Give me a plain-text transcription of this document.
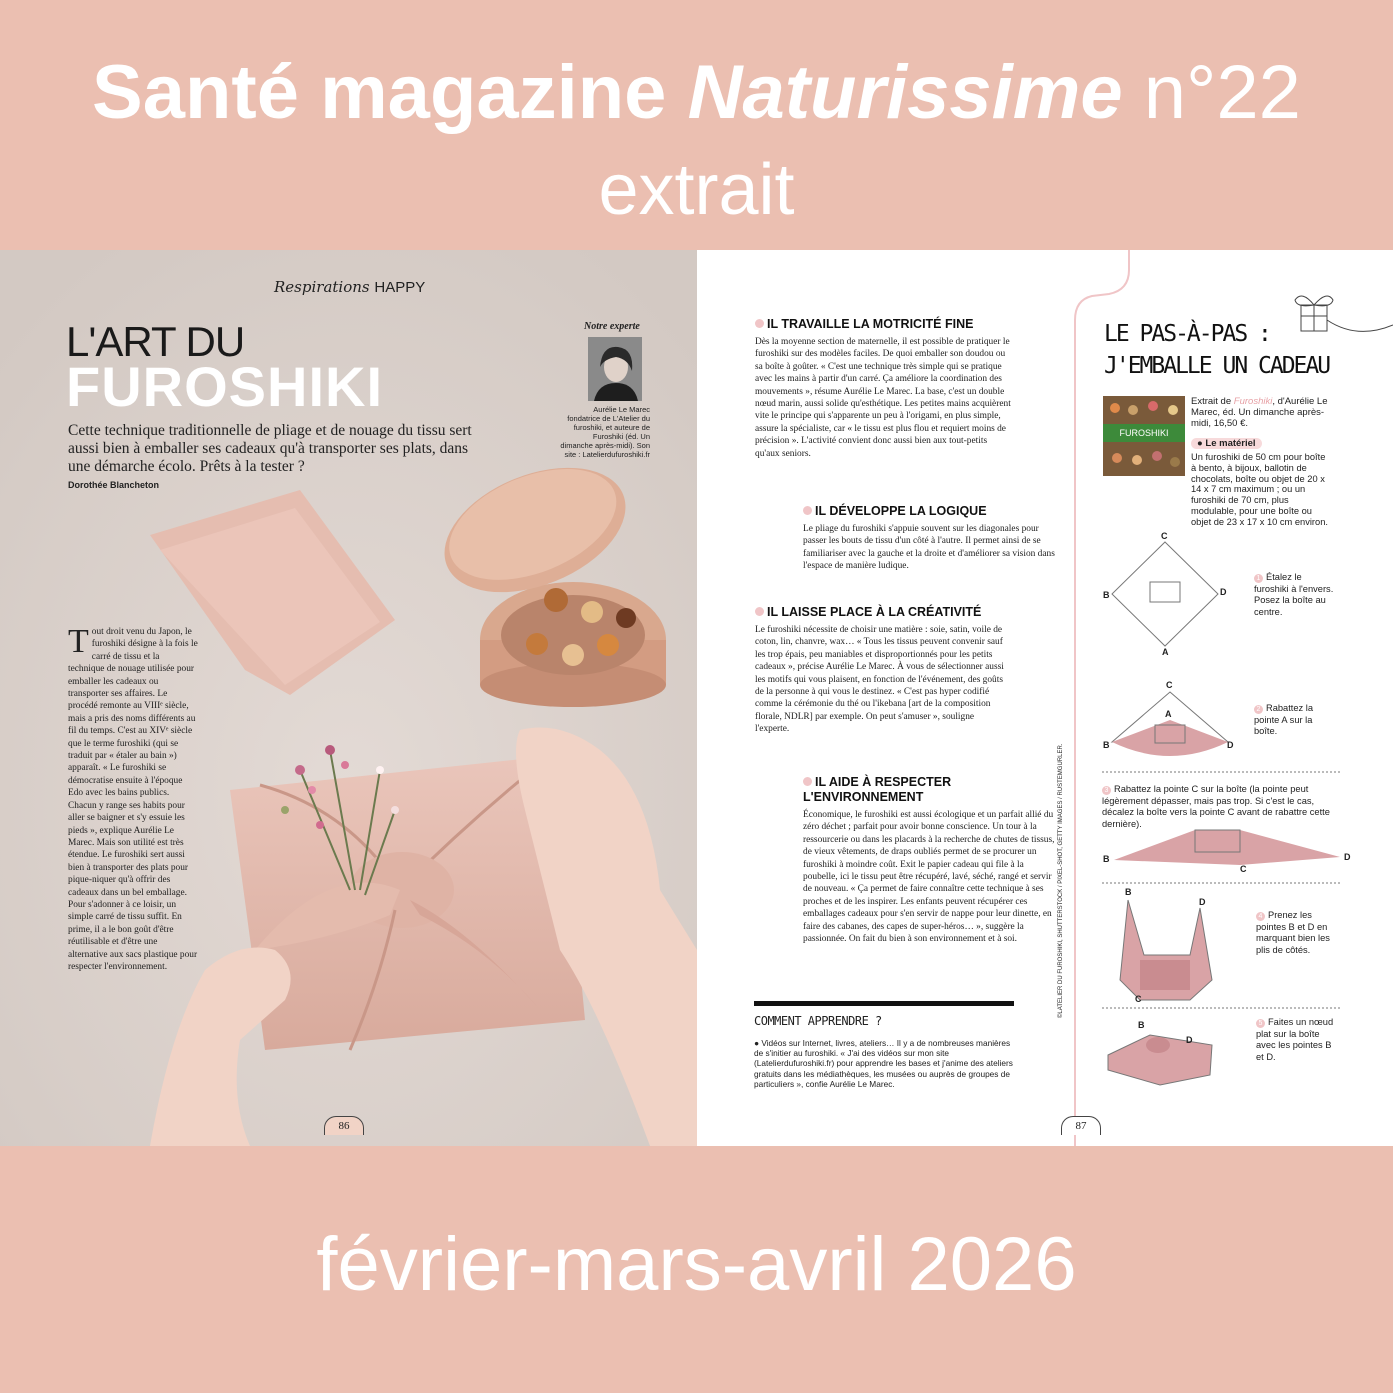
Santé magazine Naturissime n°22
extrait
Respirations HAPPY
L'ART DU
FUROSHIKI
Cette technique traditionnelle de pliage et de nouage du tissu sert aussi bien à emballer ses cadeaux qu'à transporter ses plats, dans une démarche écolo. Prêts à la tester ?
Dorothée Blancheton
Notre experte
Aurélie Le Marec fondatrice de L'Atelier du furoshiki, et auteure de Furoshiki (éd. Un dimanche après-midi). Son site : Latelierdufuroshiki.fr
Tout droit venu du Japon, le furoshiki désigne à la fois le carré de tissu et la technique de nouage utilisée pour emballer les cadeaux ou transporter ses affaires. Le procédé remonte au VIIIᵉ siècle, mais a pris des noms différents au fil du temps. C'est au XIVᵉ siècle que le terme furoshiki (qui se traduit par « étaler au bain ») apparaît. « Le furoshiki se démocratise ensuite à l'époque Edo avec les bains publics. Chacun y range ses habits pour aller se baigner et s'y essuie les pieds », explique Aurélie Le Marec. Mais son utilité est très étendue. Le furoshiki sert aussi bien à transporter des plats pour pique-niquer qu'à offrir des cadeaux dans un bel emballage. Pour s'adonner à ce loisir, un simple carré de tissu suffit. En prime, il a le bon goût d'être réutilisable et d'être une alternative aux sacs plastique pour respecter l'environnement.
86
IL TRAVAILLE LA MOTRICITÉ FINE

Dès la moyenne section de maternelle, il est possible de pratiquer le furoshiki sur des modèles faciles. De quoi emballer son doudou ou sa boîte à goûter. « C'est une technique très simple qui se pratique avec les mains à partir d'un carré. Ça améliore la coordination des mouvements », résume Aurélie Le Marec. La base, c'est un double nœud marin, aussi solide qu'esthétique. Les petites mains acquièrent vite le principe qui s'apparente un peu à l'origami, en plus simple, assure la spécialiste, car « le tissu est plus flou et requiert moins de précision ». L'activité convient donc aussi bien aux tout-petits qu'aux seniors.

IL DÉVELOPPE LA LOGIQUE

Le pliage du furoshiki s'appuie souvent sur les diagonales pour passer les bouts de tissu d'un côté à l'autre. Il permet ainsi de se familiariser avec la gauche et la droite et d'améliorer sa vision dans l'espace de manière ludique.

IL LAISSE PLACE À LA CRÉATIVITÉ

Le furoshiki nécessite de choisir une matière : soie, satin, voile de coton, lin, chanvre, wax… « Tous les tissus peuvent convenir sauf les trop épais, peu maniables et disproportionnés pour les petits cadeaux », précise Aurélie Le Marec. À vous de sélectionner aussi les motifs qui vous plaisent, en fonction de l'événement, des goûts de la personne à qui vous le destinez. « C'est pas hyper codifié comme la cérémonie du thé ou l'ikebana [art de la composition florale, NDLR] par exemple. On peut s'amuser », souligne l'experte.

IL AIDE À RESPECTER L'ENVIRONNEMENT

Économique, le furoshiki est aussi écologique et un parfait allié du zéro déchet ; parfait pour avoir bonne conscience. Un tour à la ressourcerie ou dans les placards à la recherche de chutes de tissus, de vieux vêtements, de draps oubliés permet de se procurer un furoshiki à moindre coût. Exit le papier cadeau qui file à la poubelle, ici le tissu peut être récupéré, lavé, séché, rangé et servir de nouveau. « Ça permet de faire connaître cette technique à ses proches et de les inspirer. Les enfants peuvent récupérer ces emballages cadeaux pour s'en servir de nappe pour leur dinette, en faire des cabanes, des capes de super-héros… », suggère la passionnée. On fait du bien à son environnement et à soi.

87
COMMENT APPRENDRE ?
● Vidéos sur Internet, livres, ateliers… Il y a de nombreuses manières de s'initier au furoshiki. « J'ai des vidéos sur mon site (Latelierdufuroshiki.fr) pour apprendre les bases et j'anime des ateliers gratuits dans les médiathèques, les musées ou auprès de groupes de particuliers », confie Aurélie Le Marec.
©LATELIER DU FUROSHIKI, SHUTTERSTOCK / PIXEL-SHOT, GETTY IMAGES / RUSTEMGURLER.
LE PAS-À-PAS :
J'EMBALLE UN CADEAU
FUROSHIKI
Extrait de Furoshiki, d'Aurélie Le Marec, éd. Un dimanche après-midi, 16,50 €.
● Le matériel
Un furoshiki de 50 cm pour boîte à bento, à bijoux, ballotin de chocolats, boîte ou objet de 20 x 14 x 7 cm maximum ; ou un furoshiki de 70 cm, plus modulable, pour une boîte ou objet de 23 x 17 x 10 cm environ.
C
B	D
A
C
A
B	D
B	D
C
B
D
C
B
D
1 Étalez le furoshiki à l'envers. Posez la boîte au centre.
2 Rabattez la pointe A sur la boîte.
3 Rabattez la pointe C sur la boîte (la pointe peut légèrement dépasser, mais pas trop. Si c'est le cas, décalez la boîte vers la pointe C avant de rabattre cette dernière).
4 Prenez les pointes B et D en marquant bien les plis de côtés.
5 Faites un nœud plat sur la boîte avec les pointes B et D.
février-mars-avril 2026
